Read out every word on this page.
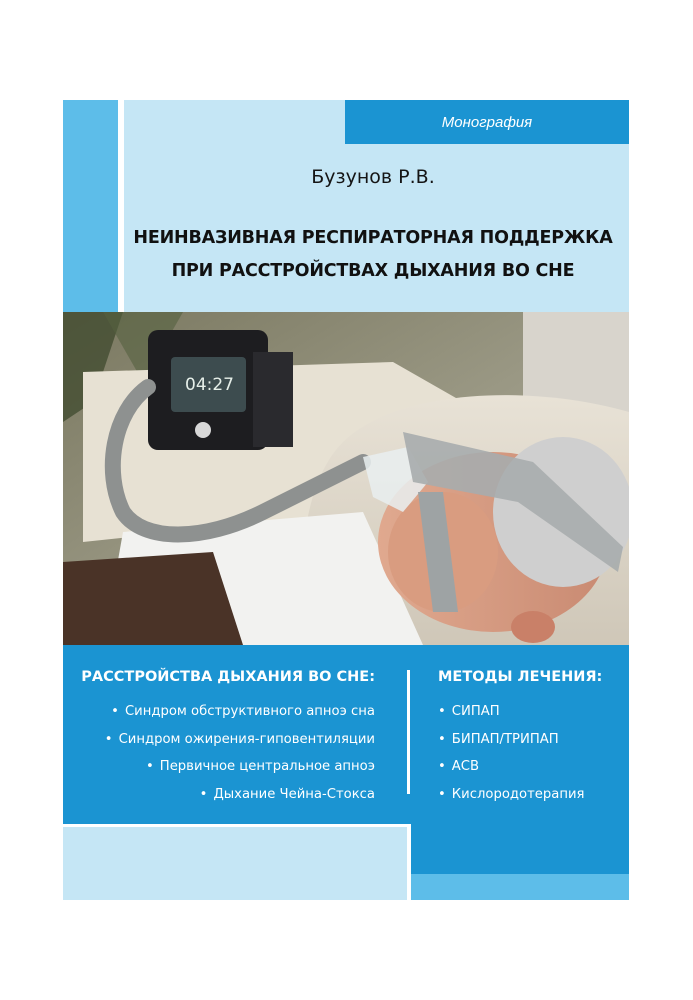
Монография
Бузунов Р.В.
НЕИНВАЗИВНАЯ РЕСПИРАТОРНАЯ ПОДДЕРЖКА
ПРИ РАССТРОЙСТВАХ ДЫХАНИЯ ВО СНЕ
04:27
РАССТРОЙСТВА ДЫХАНИЯ ВО СНЕ:
• Синдром обструктивного апноэ сна
• Синдром ожирения-гиповентиляции
• Первичное центральное апноэ
• Дыхание Чейна-Стокса
МЕТОДЫ ЛЕЧЕНИЯ:
• СИПАП
• БИПАП/ТРИПАП
• АСВ
• Кислородотерапия
